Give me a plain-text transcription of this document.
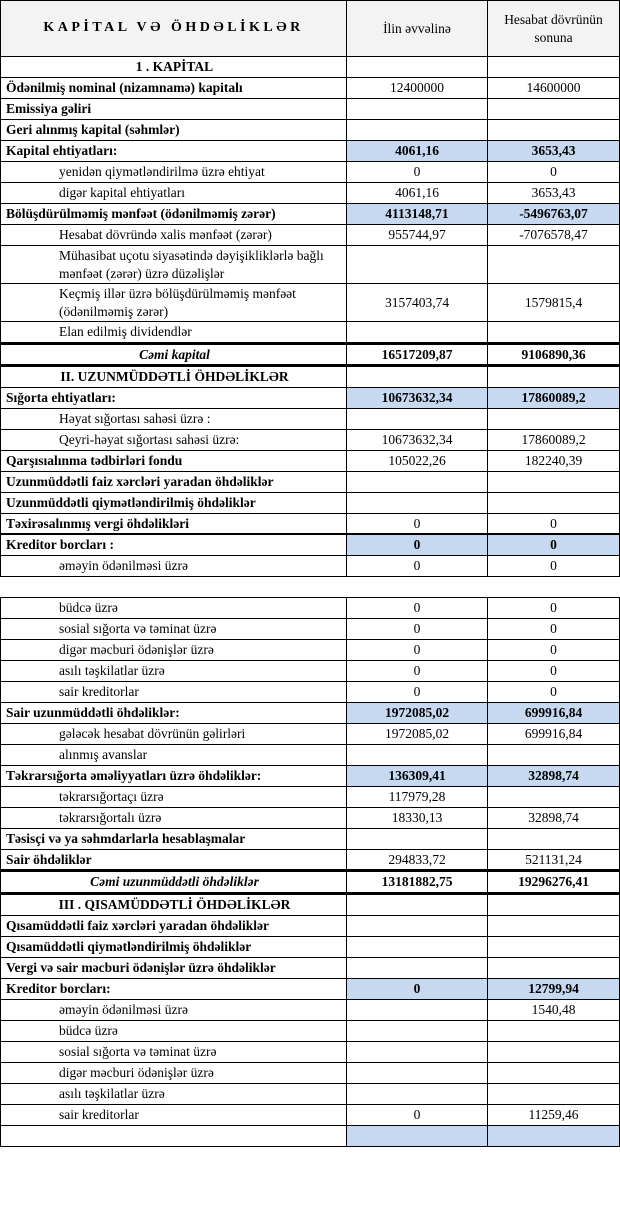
KAPİTAL VƏ ÖHDƏLİKLƏR	İlin əvvəlinə	Hesabat dövrünün sonuna
1 . KAPİTAL		
Ödənilmiş nominal (nizamnamə) kapitalı	12400000	14600000
Emissiya gəliri		
Geri alınmış kapital (səhmlər)		
Kapital ehtiyatları:	4061,16	3653,43
yenidən qiymətləndirilmə üzrə ehtiyat	0	0
digər kapital ehtiyatları	4061,16	3653,43
Bölüşdürülməmiş mənfəət (ödənilməmiş zərər)	4113148,71	-5496763,07
Hesabat dövründə xalis mənfəət (zərər)	955744,97	-7076578,47
Mühasibat uçotu siyasətində dəyişikliklərlə bağlı mənfəət (zərər) üzrə düzəlişlər		
Keçmiş illər üzrə bölüşdürülməmiş mənfəət (ödənilməmiş zərər)	3157403,74	1579815,4
Elan edilmiş dividendlər		
Cəmi kapital	16517209,87	9106890,36
II. UZUNMÜDDƏTLİ ÖHDƏLİKLƏR		
Sığorta ehtiyatları:	10673632,34	17860089,2
Həyat sığortası sahəsi üzrə :		
Qeyri-həyat sığortası sahəsi üzrə:	10673632,34	17860089,2
Qarşısıalınma tədbirləri fondu	105022,26	182240,39
Uzunmüddətli faiz xərcləri yaradan öhdəliklər		
Uzunmüddətli qiymətləndirilmiş öhdəliklər		
Təxirəsalınmış vergi öhdəlikləri	0	0
Kreditor borcları :	0	0
əməyin ödənilməsi üzrə	0	0

büdcə üzrə	0	0
sosial sığorta və təminat üzrə	0	0
digər məcburi ödənişlər üzrə	0	0
asılı təşkilatlar üzrə	0	0
sair kreditorlar	0	0
Sair uzunmüddətli öhdəliklər:	1972085,02	699916,84
gələcək hesabat dövrünün gəlirləri	1972085,02	699916,84
alınmış avanslar		
Təkrarsığorta əməliyyatları üzrə öhdəliklər:	136309,41	32898,74
təkrarsığortaçı üzrə	117979,28	
təkrarsığortalı üzrə	18330,13	32898,74
Təsisçi və ya səhmdarlarla hesablaşmalar		
Sair öhdəliklər	294833,72	521131,24
Cəmi uzunmüddətli öhdəliklər	13181882,75	19296276,41
III . QISAMÜDDƏTLİ ÖHDƏLİKLƏR		
Qısamüddətli faiz xərcləri yaradan öhdəliklər		
Qısamüddətli qiymətləndirilmiş öhdəliklər		
Vergi və sair məcburi ödənişlər üzrə öhdəliklər		
Kreditor borcları:	0	12799,94
əməyin ödənilməsi üzrə		1540,48
büdcə üzrə		
sosial sığorta və təminat üzrə		
digər məcburi ödənişlər üzrə		
asılı təşkilatlar üzrə		
sair kreditorlar	0	11259,46
